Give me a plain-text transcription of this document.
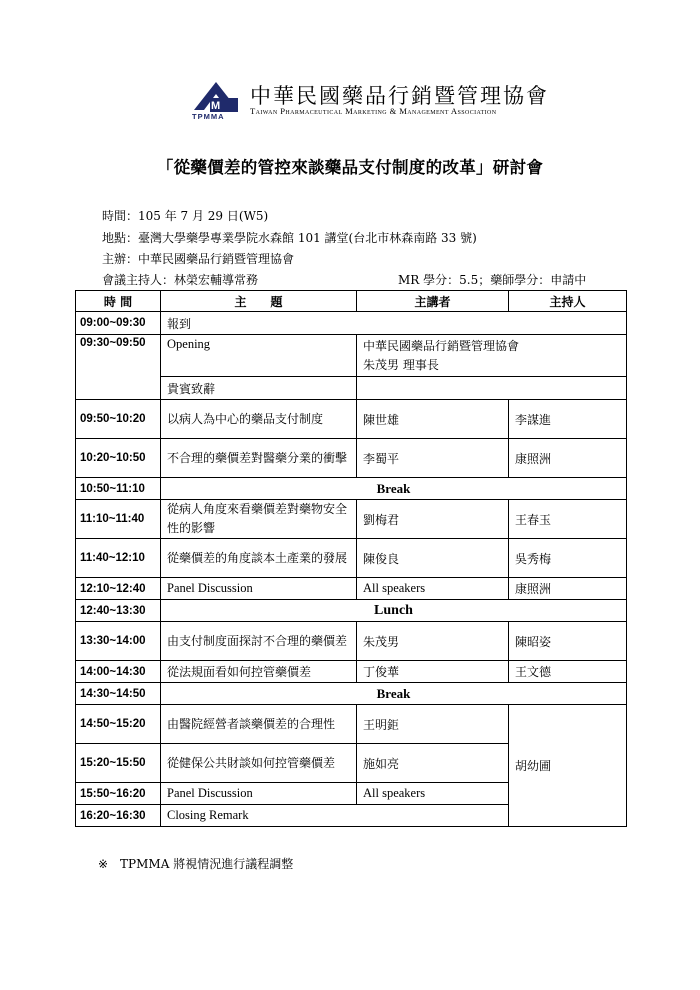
M
TPMMA
中華民國藥品行銷暨管理協會
Taiwan Pharmaceutical Marketing & Management Association
「從藥價差的管控來談藥品支付制度的改革」研討會
時間：105 年 7 月 29 日(W5)
地點：臺灣大學藥學專業學院水森館 101 講堂(台北市林森南路 33 號)
主辦：中華民國藥品行銷暨管理協會
會議主持人：林榮宏輔導常務	MR 學分：5.5；藥師學分：申請中
時 間	主　　題	主講者	主持人
09:00~09:30	報到		
09:30~09:50	Opening	中華民國藥品行銷暨管理協會
朱茂男 理事長	
	貴賓致辭		
09:50~10:20	以病人為中心的藥品支付制度	陳世雄	李謀進
10:20~10:50	不合理的藥價差對醫藥分業的衝擊	李蜀平	康照洲
10:50~11:10	Break		
11:10~11:40	從病人角度來看藥價差對藥物安全性的影響	劉梅君	王春玉
11:40~12:10	從藥價差的角度談本土產業的發展	陳俊良	吳秀梅
12:10~12:40	Panel Discussion	All speakers	康照洲
12:40~13:30	Lunch		
13:30~14:00	由支付制度面探討不合理的藥價差	朱茂男	陳昭姿
14:00~14:30	從法規面看如何控管藥價差	丁俊華	王文德
14:30~14:50	Break		
14:50~15:20	由醫院經營者談藥價差的合理性	王明鉅	胡幼圃
15:20~15:50	從健保公共財談如何控管藥價差	施如亮	
15:50~16:20	Panel Discussion	All speakers	
16:20~16:30	Closing Remark		
※　TPMMA 將視情況進行議程調整
